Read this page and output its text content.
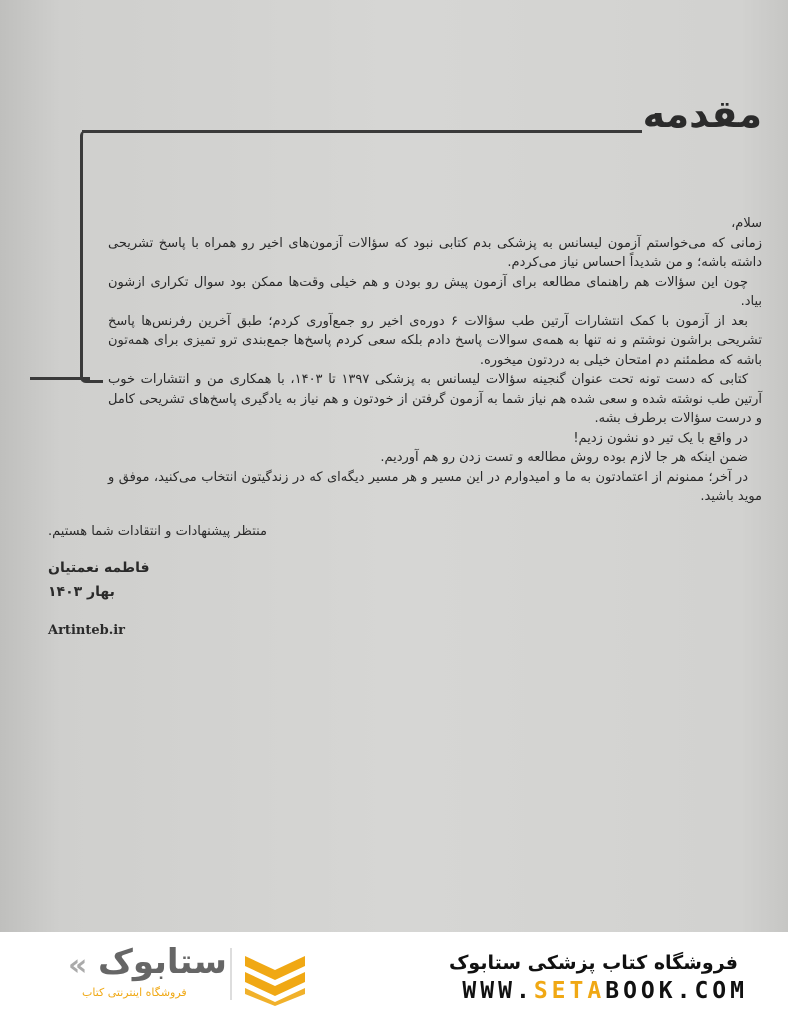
مقدمه

سلام،

زمانی که می‌خواستم آزمون لیسانس به پزشکی بدم کتابی نبود که سؤالات آزمون‌های اخیر رو همراه با پاسخ تشریحی داشته باشه؛ و من شدیداً احساس نیاز می‌کردم.

چون این سؤالات هم راهنمای مطالعه برای آزمون پیش رو بودن و هم خیلی وقت‌ها ممکن بود سوال تکراری ازشون بیاد.

بعد از آزمون با کمک انتشارات آرتین طب سؤالات ۶ دوره‌ی اخیر رو جمع‌آوری کردم؛ طبق آخرین رفرنس‌ها پاسخ تشریحی براشون نوشتم و نه تنها به همه‌ی سوالات پاسخ دادم بلکه سعی کردم پاسخ‌ها جمع‌بندی ترو تمیزی برای همه‌تون باشه که مطمئنم دم امتحان خیلی به دردتون میخوره.

کتابی که دست تونه تحت عنوان گنجینه سؤالات لیسانس به پزشکی ۱۳۹۷ تا ۱۴۰۳، با همکاری من و انتشارات خوب آرتین طب نوشته شده و سعی شده هم نیاز شما به آزمون گرفتن از خودتون و هم نیاز به یادگیری پاسخ‌های تشریحی کامل و درست سؤالات برطرف بشه.

در واقع با یک تیر دو نشون زدیم!

ضمن اینکه هر جا لازم بوده روش مطالعه و تست زدن رو هم آوردیم.

در آخر؛ ممنونم از اعتمادتون به ما و امیدوارم در این مسیر و هر مسیر دیگه‌ای که در زندگیتون انتخاب می‌کنید، موفق و موید باشید.

منتظر پیشنهادات و انتقادات شما هستیم.
فاطمه نعمتیان
بهار ۱۴۰۳
Artinteb.ir
« ستابوک
فروشگاه اینترنتی کتاب
فروشگاه کتاب پزشکی ستابوک
WWW.SETABOOK.COM
